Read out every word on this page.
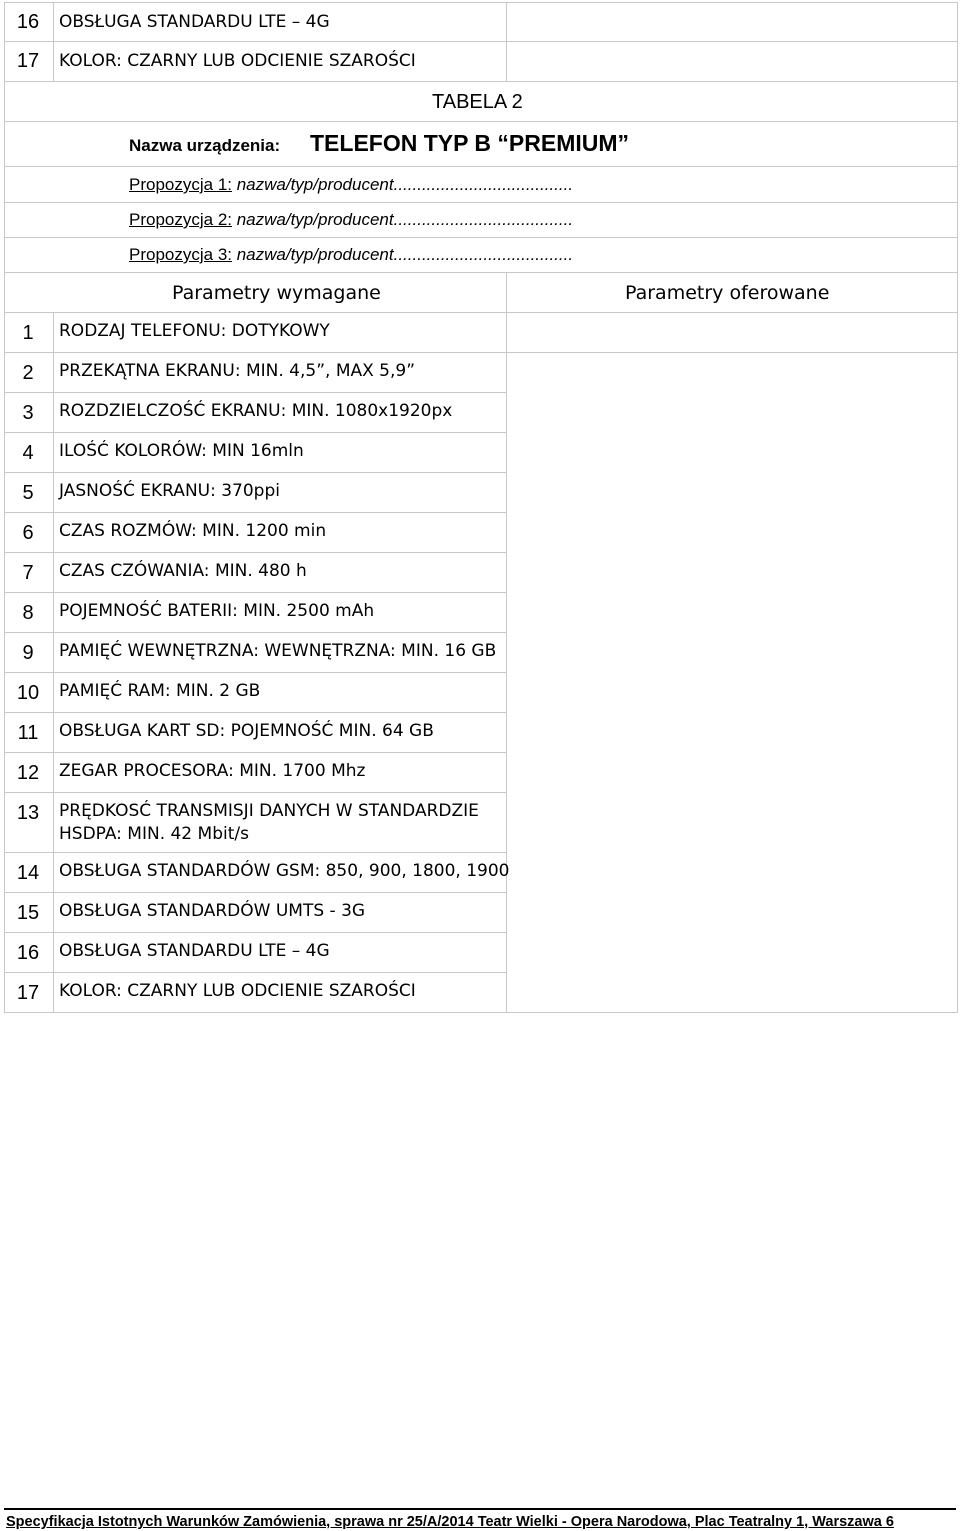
16	OBSŁUGA STANDARDU LTE – 4G
17	KOLOR: CZARNY LUB ODCIENIE SZAROŚCI
TABELA 2
Nazwa urządzenia: TELEFON TYP B “PREMIUM”
Propozycja 1: nazwa/typ/producent......................................
Propozycja 2: nazwa/typ/producent......................................
Propozycja 3: nazwa/typ/producent......................................
Parametry wymagane	Parametry oferowane
1	RODZAJ TELEFONU: DOTYKOWY
2	PRZEKĄTNA EKRANU: MIN. 4,5”, MAX 5,9”
3	ROZDZIELCZOŚĆ EKRANU: MIN. 1080x1920px
4	ILOŚĆ KOLORÓW: MIN 16mln
5	JASNOŚĆ EKRANU: 370ppi
6	CZAS ROZMÓW: MIN. 1200 min
7	CZAS CZÓWANIA: MIN. 480 h
8	POJEMNOŚĆ BATERII: MIN. 2500 mAh
9	PAMIĘĆ WEWNĘTRZNA: WEWNĘTRZNA: MIN. 16 GB
10	PAMIĘĆ RAM: MIN. 2 GB
11	OBSŁUGA KART SD: POJEMNOŚĆ MIN. 64 GB
12	ZEGAR PROCESORA: MIN. 1700 Mhz
13	PRĘDKOSĆ TRANSMISJI DANYCH W STANDARDZIE
HSDPA: MIN. 42 Mbit/s
14	OBSŁUGA STANDARDÓW GSM: 850, 900, 1800, 1900
15	OBSŁUGA STANDARDÓW UMTS - 3G
16	OBSŁUGA STANDARDU LTE – 4G
17	KOLOR: CZARNY LUB ODCIENIE SZAROŚCI
Specyfikacja Istotnych Warunków Zamówienia, sprawa nr 25/A/2014 Teatr Wielki - Opera Narodowa, Plac Teatralny 1, Warszawa 6
